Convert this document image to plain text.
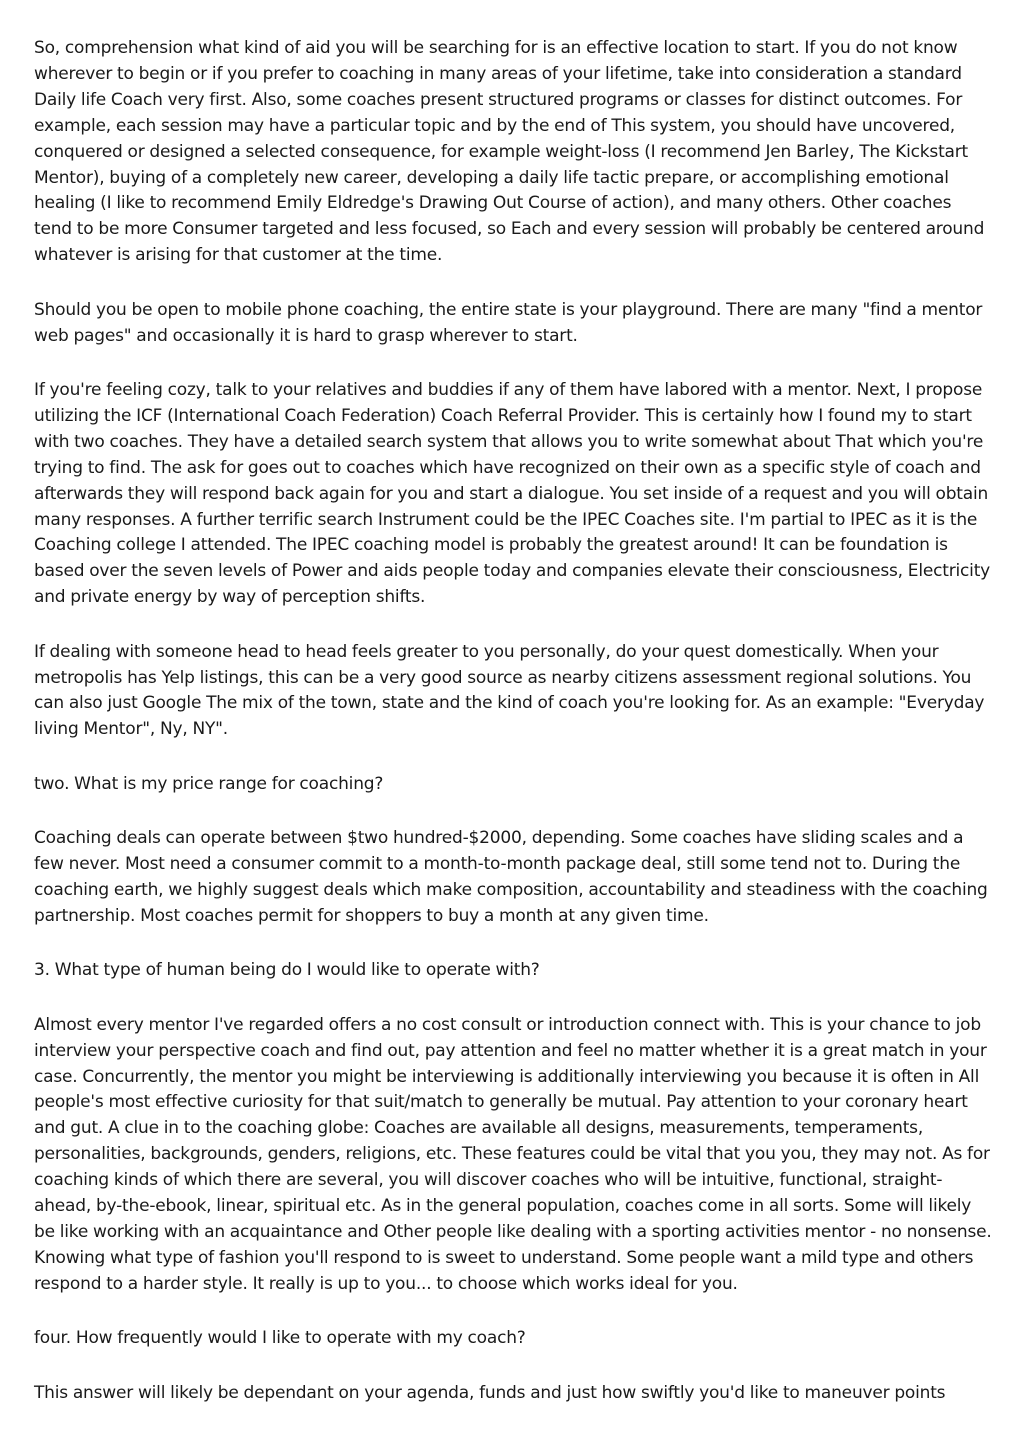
So, comprehension what kind of aid you will be searching for is an effective location to start. If you do not know wherever to begin or if you prefer to coaching in many areas of your lifetime, take into consideration a standard Daily life Coach very first. Also, some coaches present structured programs or classes for distinct outcomes. For example, each session may have a particular topic and by the end of This system, you should have uncovered, conquered or designed a selected consequence, for example weight-loss (I recommend Jen Barley, The Kickstart Mentor), buying of a completely new career, developing a daily life tactic prepare, or accomplishing emotional healing (I like to recommend Emily Eldredge's Drawing Out Course of action), and many others. Other coaches tend to be more Consumer targeted and less focused, so Each and every session will probably be centered around whatever is arising for that customer at the time.

Should you be open to mobile phone coaching, the entire state is your playground. There are many "find a mentor web pages" and occasionally it is hard to grasp wherever to start.

If you're feeling cozy, talk to your relatives and buddies if any of them have labored with a mentor. Next, I propose utilizing the ICF (International Coach Federation) Coach Referral Provider. This is certainly how I found my to start with two coaches. They have a detailed search system that allows you to write somewhat about That which you're trying to find. The ask for goes out to coaches which have recognized on their own as a specific style of coach and afterwards they will respond back again for you and start a dialogue. You set inside of a request and you will obtain many responses. A further terrific search Instrument could be the IPEC Coaches site. I'm partial to IPEC as it is the Coaching college I attended. The IPEC coaching model is probably the greatest around! It can be foundation is based over the seven levels of Power and aids people today and companies elevate their consciousness, Electricity and private energy by way of perception shifts.

If dealing with someone head to head feels greater to you personally, do your quest domestically. When your metropolis has Yelp listings, this can be a very good source as nearby citizens assessment regional solutions. You can also just Google The mix of the town, state and the kind of coach you're looking for. As an example: "Everyday living Mentor", Ny, NY".

two. What is my price range for coaching?

Coaching deals can operate between $two hundred-$2000, depending. Some coaches have sliding scales and a few never. Most need a consumer commit to a month-to-month package deal, still some tend not to. During the coaching earth, we highly suggest deals which make composition, accountability and steadiness with the coaching partnership. Most coaches permit for shoppers to buy a month at any given time.

3. What type of human being do I would like to operate with?

Almost every mentor I've regarded offers a no cost consult or introduction connect with. This is your chance to job interview your perspective coach and find out, pay attention and feel no matter whether it is a great match in your case. Concurrently, the mentor you might be interviewing is additionally interviewing you because it is often in All people's most effective curiosity for that suit/match to generally be mutual. Pay attention to your coronary heart and gut. A clue in to the coaching globe: Coaches are available all designs, measurements, temperaments, personalities, backgrounds, genders, religions, etc. These features could be vital that you you, they may not. As for coaching kinds of which there are several, you will discover coaches who will be intuitive, functional, straight-ahead, by-the-ebook, linear, spiritual etc. As in the general population, coaches come in all sorts. Some will likely be like working with an acquaintance and Other people like dealing with a sporting activities mentor - no nonsense. Knowing what type of fashion you'll respond to is sweet to understand. Some people want a mild type and others respond to a harder style. It really is up to you... to choose which works ideal for you.

four. How frequently would I like to operate with my coach?

This answer will likely be dependant on your agenda, funds and just how swiftly you'd like to maneuver points
